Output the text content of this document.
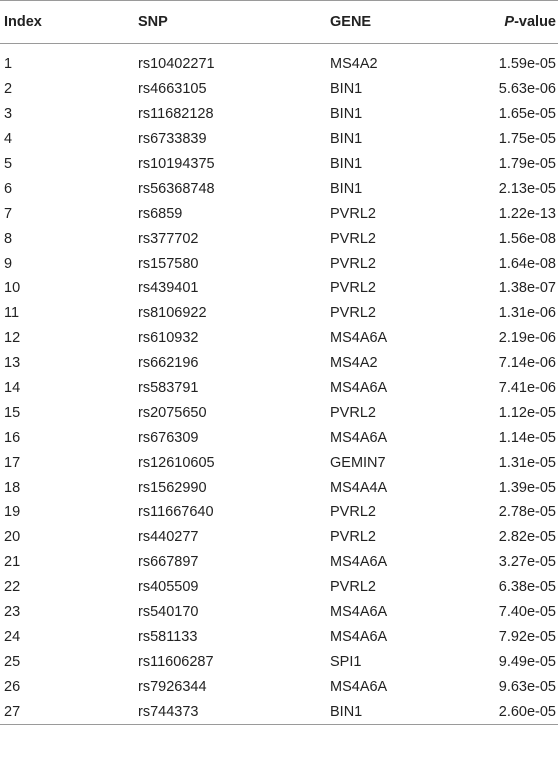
Index	SNP	GENE	P-value
1	rs10402271	MS4A2	1.59e-05
2	rs4663105	BIN1	5.63e-06
3	rs11682128	BIN1	1.65e-05
4	rs6733839	BIN1	1.75e-05
5	rs10194375	BIN1	1.79e-05
6	rs56368748	BIN1	2.13e-05
7	rs6859	PVRL2	1.22e-13
8	rs377702	PVRL2	1.56e-08
9	rs157580	PVRL2	1.64e-08
10	rs439401	PVRL2	1.38e-07
11	rs8106922	PVRL2	1.31e-06
12	rs610932	MS4A6A	2.19e-06
13	rs662196	MS4A2	7.14e-06
14	rs583791	MS4A6A	7.41e-06
15	rs2075650	PVRL2	1.12e-05
16	rs676309	MS4A6A	1.14e-05
17	rs12610605	GEMIN7	1.31e-05
18	rs1562990	MS4A4A	1.39e-05
19	rs11667640	PVRL2	2.78e-05
20	rs440277	PVRL2	2.82e-05
21	rs667897	MS4A6A	3.27e-05
22	rs405509	PVRL2	6.38e-05
23	rs540170	MS4A6A	7.40e-05
24	rs581133	MS4A6A	7.92e-05
25	rs11606287	SPI1	9.49e-05
26	rs7926344	MS4A6A	9.63e-05
27	rs744373	BIN1	2.60e-05
